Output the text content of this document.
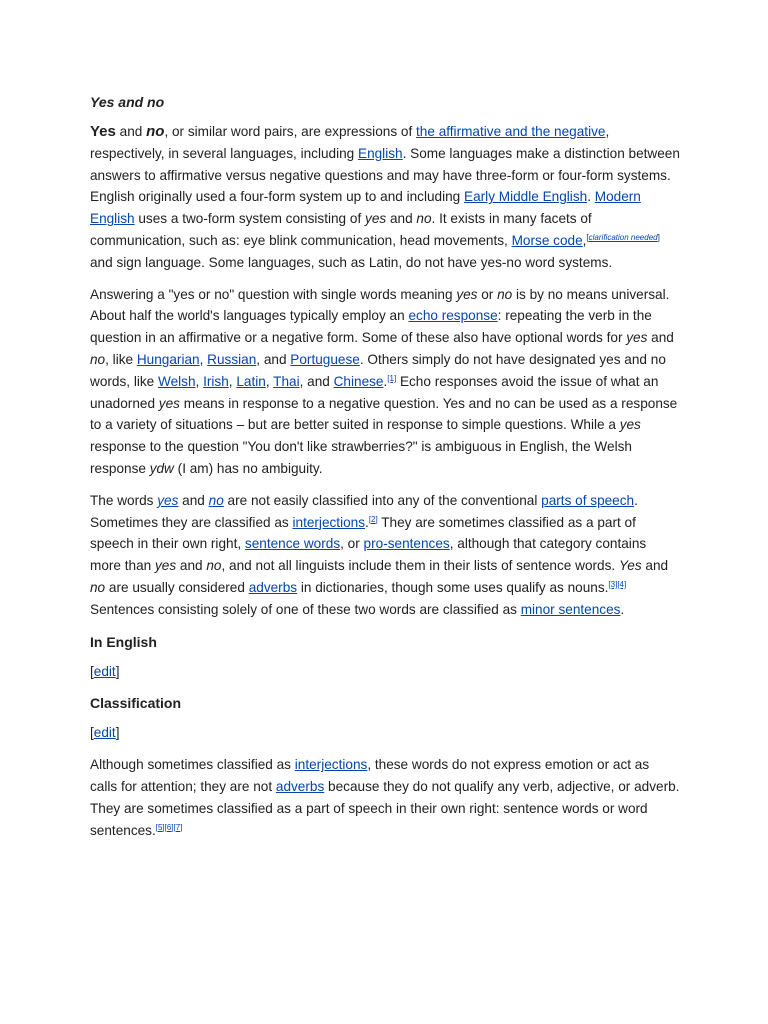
Yes and no

Yes and no, or similar word pairs, are expressions of the affirmative and the negative, respectively, in several languages, including English. Some languages make a distinction between answers to affirmative versus negative questions and may have three-form or four-form systems. English originally used a four-form system up to and including Early Middle English. Modern English uses a two-form system consisting of yes and no. It exists in many facets of communication, such as: eye blink communication, head movements, Morse code,[clarification needed] and sign language. Some languages, such as Latin, do not have yes-no word systems.

Answering a "yes or no" question with single words meaning yes or no is by no means universal. About half the world's languages typically employ an echo response: repeating the verb in the question in an affirmative or a negative form. Some of these also have optional words for yes and no, like Hungarian, Russian, and Portuguese. Others simply do not have designated yes and no words, like Welsh, Irish, Latin, Thai, and Chinese.[1] Echo responses avoid the issue of what an unadorned yes means in response to a negative question. Yes and no can be used as a response to a variety of situations – but are better suited in response to simple questions. While a yes response to the question "You don't like strawberries?" is ambiguous in English, the Welsh response ydw (I am) has no ambiguity.

The words yes and no are not easily classified into any of the conventional parts of speech. Sometimes they are classified as interjections.[2] They are sometimes classified as a part of speech in their own right, sentence words, or pro-sentences, although that category contains more than yes and no, and not all linguists include them in their lists of sentence words. Yes and no are usually considered adverbs in dictionaries, though some uses qualify as nouns.[3][4] Sentences consisting solely of one of these two words are classified as minor sentences.

In English

[edit]

Classification

[edit]

Although sometimes classified as interjections, these words do not express emotion or act as calls for attention; they are not adverbs because they do not qualify any verb, adjective, or adverb. They are sometimes classified as a part of speech in their own right: sentence words or word sentences.[5][6][7]
